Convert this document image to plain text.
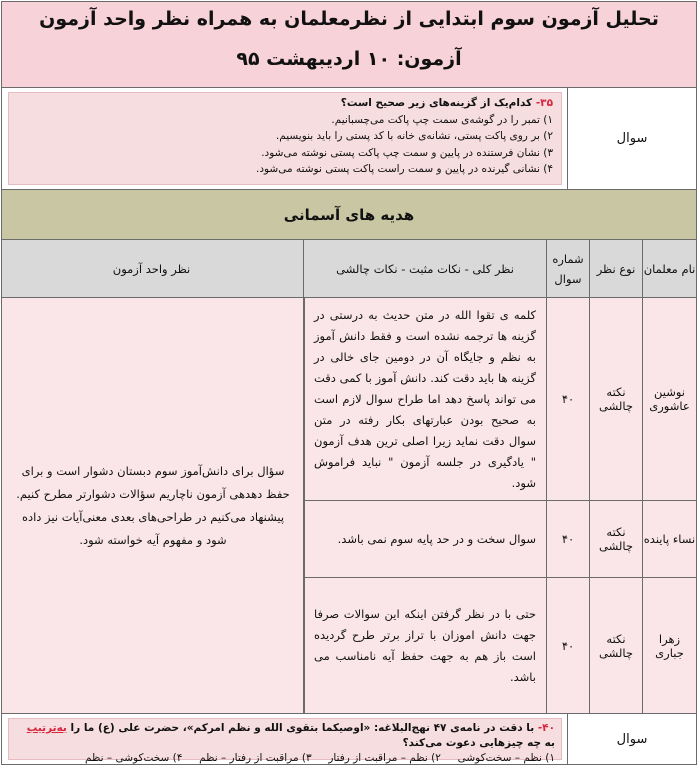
تحلیل آزمون سوم ابتدایی از نظرمعلمان به همراه نظر واحد آزمون
آزمون: ۱۰ اردیبهشت ۹۵
سوال
۳۵- کدام‌یک از گزینه‌های زیر صحیح است؟
۱) تمبر را در گوشه‌ی سمت چپ پاکت می‌چسبانیم.
۲) بر روی پاکت پستی، نشانه‌ی خانه با کد پستی را باید بنویسیم.
۳) نشان فرستنده در پایین و سمت چپ پاکت پستی نوشته می‌شود.
۴) نشانی گیرنده در پایین و سمت راست پاکت پستی نوشته می‌شود.
هدیه های آسمانی
نام معلمان
نوع نظر
شماره سوال
نظر کلی - نکات مثبت - نکات چالشی
نظر واحد آزمون
نوشین عاشوری
نکته چالشی
۴۰
کلمه ی تقوا الله در متن حدیث به درستی در گزینه ها ترجمه نشده است و فقط دانش آموز به نظم و جایگاه آن در دومین جای خالی در گزینه ها باید دقت کند. دانش آموز با کمی دقت می تواند پاسخ دهد اما طراح سوال لازم است به صحیح بودن عبارتهای بکار رفته در متن سوال دقت نماید زیرا اصلی ترین هدف آزمون " یادگیری در جلسه آزمون " نباید فراموش شود.
نساء پاینده
نکته چالشی
۴۰
سوال سخت و در حد پایه سوم نمی باشد.
زهرا جباری
نکته چالشی
۴۰
حتی با در نظر گرفتن اینکه این سوالات صرفا جهت دانش اموزان با تراز برتر طرح گردیده است باز هم به جهت حفظ آیه نامناسب می باشد.
سؤال برای دانش‌آموز سوم دبستان دشوار است و برای حفظ دهدهی آزمون ناچاریم سؤالات دشوارتر مطرح کنیم. پیشنهاد می‌کنیم در طراحی‌های بعدی معنی‌آیات نیز داده شود و مفهوم آیه خواسته شود.
سوال
۴۰- با دقت در نامه‌ی ۴۷ نهج‌البلاغه: «اوصیکما بتقوی الله و نظم امرکم»، حضرت علی (ع) ما را به‌ترتیب به چه چیزهایی دعوت می‌کند؟
۱) نظم – سخت‌کوشی     ۲) نظم – مراقبت از رفتار     ۳) مراقبت از رفتار – نظم     ۴) سخت‌کوشی – نظم
